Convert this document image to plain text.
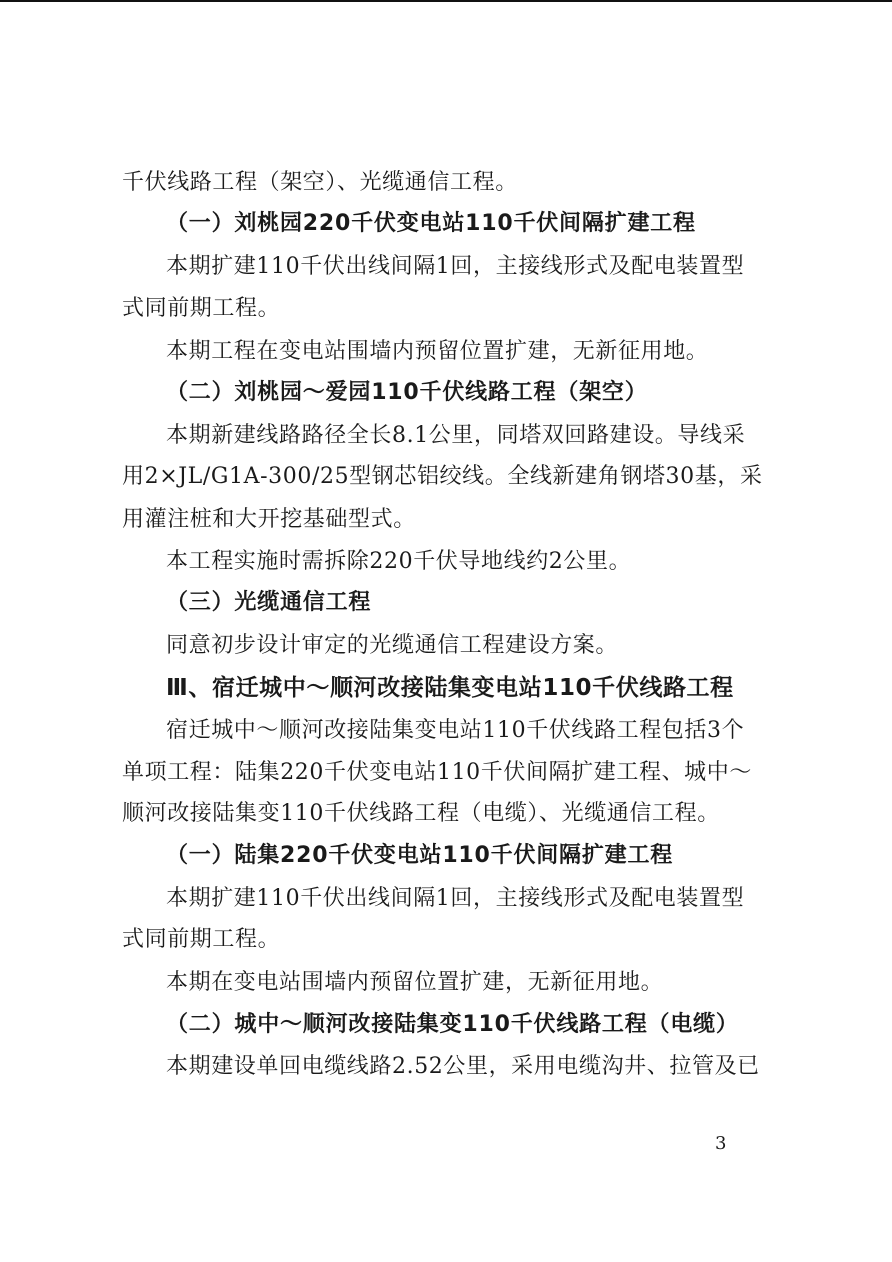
千伏线路工程（架空）、光缆通信工程。
（一）刘桃园220千伏变电站110千伏间隔扩建工程
本期扩建110千伏出线间隔1回，主接线形式及配电装置型
式同前期工程。
本期工程在变电站围墙内预留位置扩建，无新征用地。
（二）刘桃园～爱园110千伏线路工程（架空）
本期新建线路路径全长8.1公里，同塔双回路建设。导线采
用2×JL/G1A-300/25型钢芯铝绞线。全线新建角钢塔30基，采
用灌注桩和大开挖基础型式。
本工程实施时需拆除220千伏导地线约2公里。
（三）光缆通信工程
同意初步设计审定的光缆通信工程建设方案。
Ⅲ、宿迁城中～顺河改接陆集变电站110千伏线路工程
宿迁城中～顺河改接陆集变电站110千伏线路工程包括3个
单项工程：陆集220千伏变电站110千伏间隔扩建工程、城中～
顺河改接陆集变110千伏线路工程（电缆）、光缆通信工程。
（一）陆集220千伏变电站110千伏间隔扩建工程
本期扩建110千伏出线间隔1回，主接线形式及配电装置型
式同前期工程。
本期在变电站围墙内预留位置扩建，无新征用地。
（二）城中～顺河改接陆集变110千伏线路工程（电缆）
本期建设单回电缆线路2.52公里，采用电缆沟井、拉管及已
3
